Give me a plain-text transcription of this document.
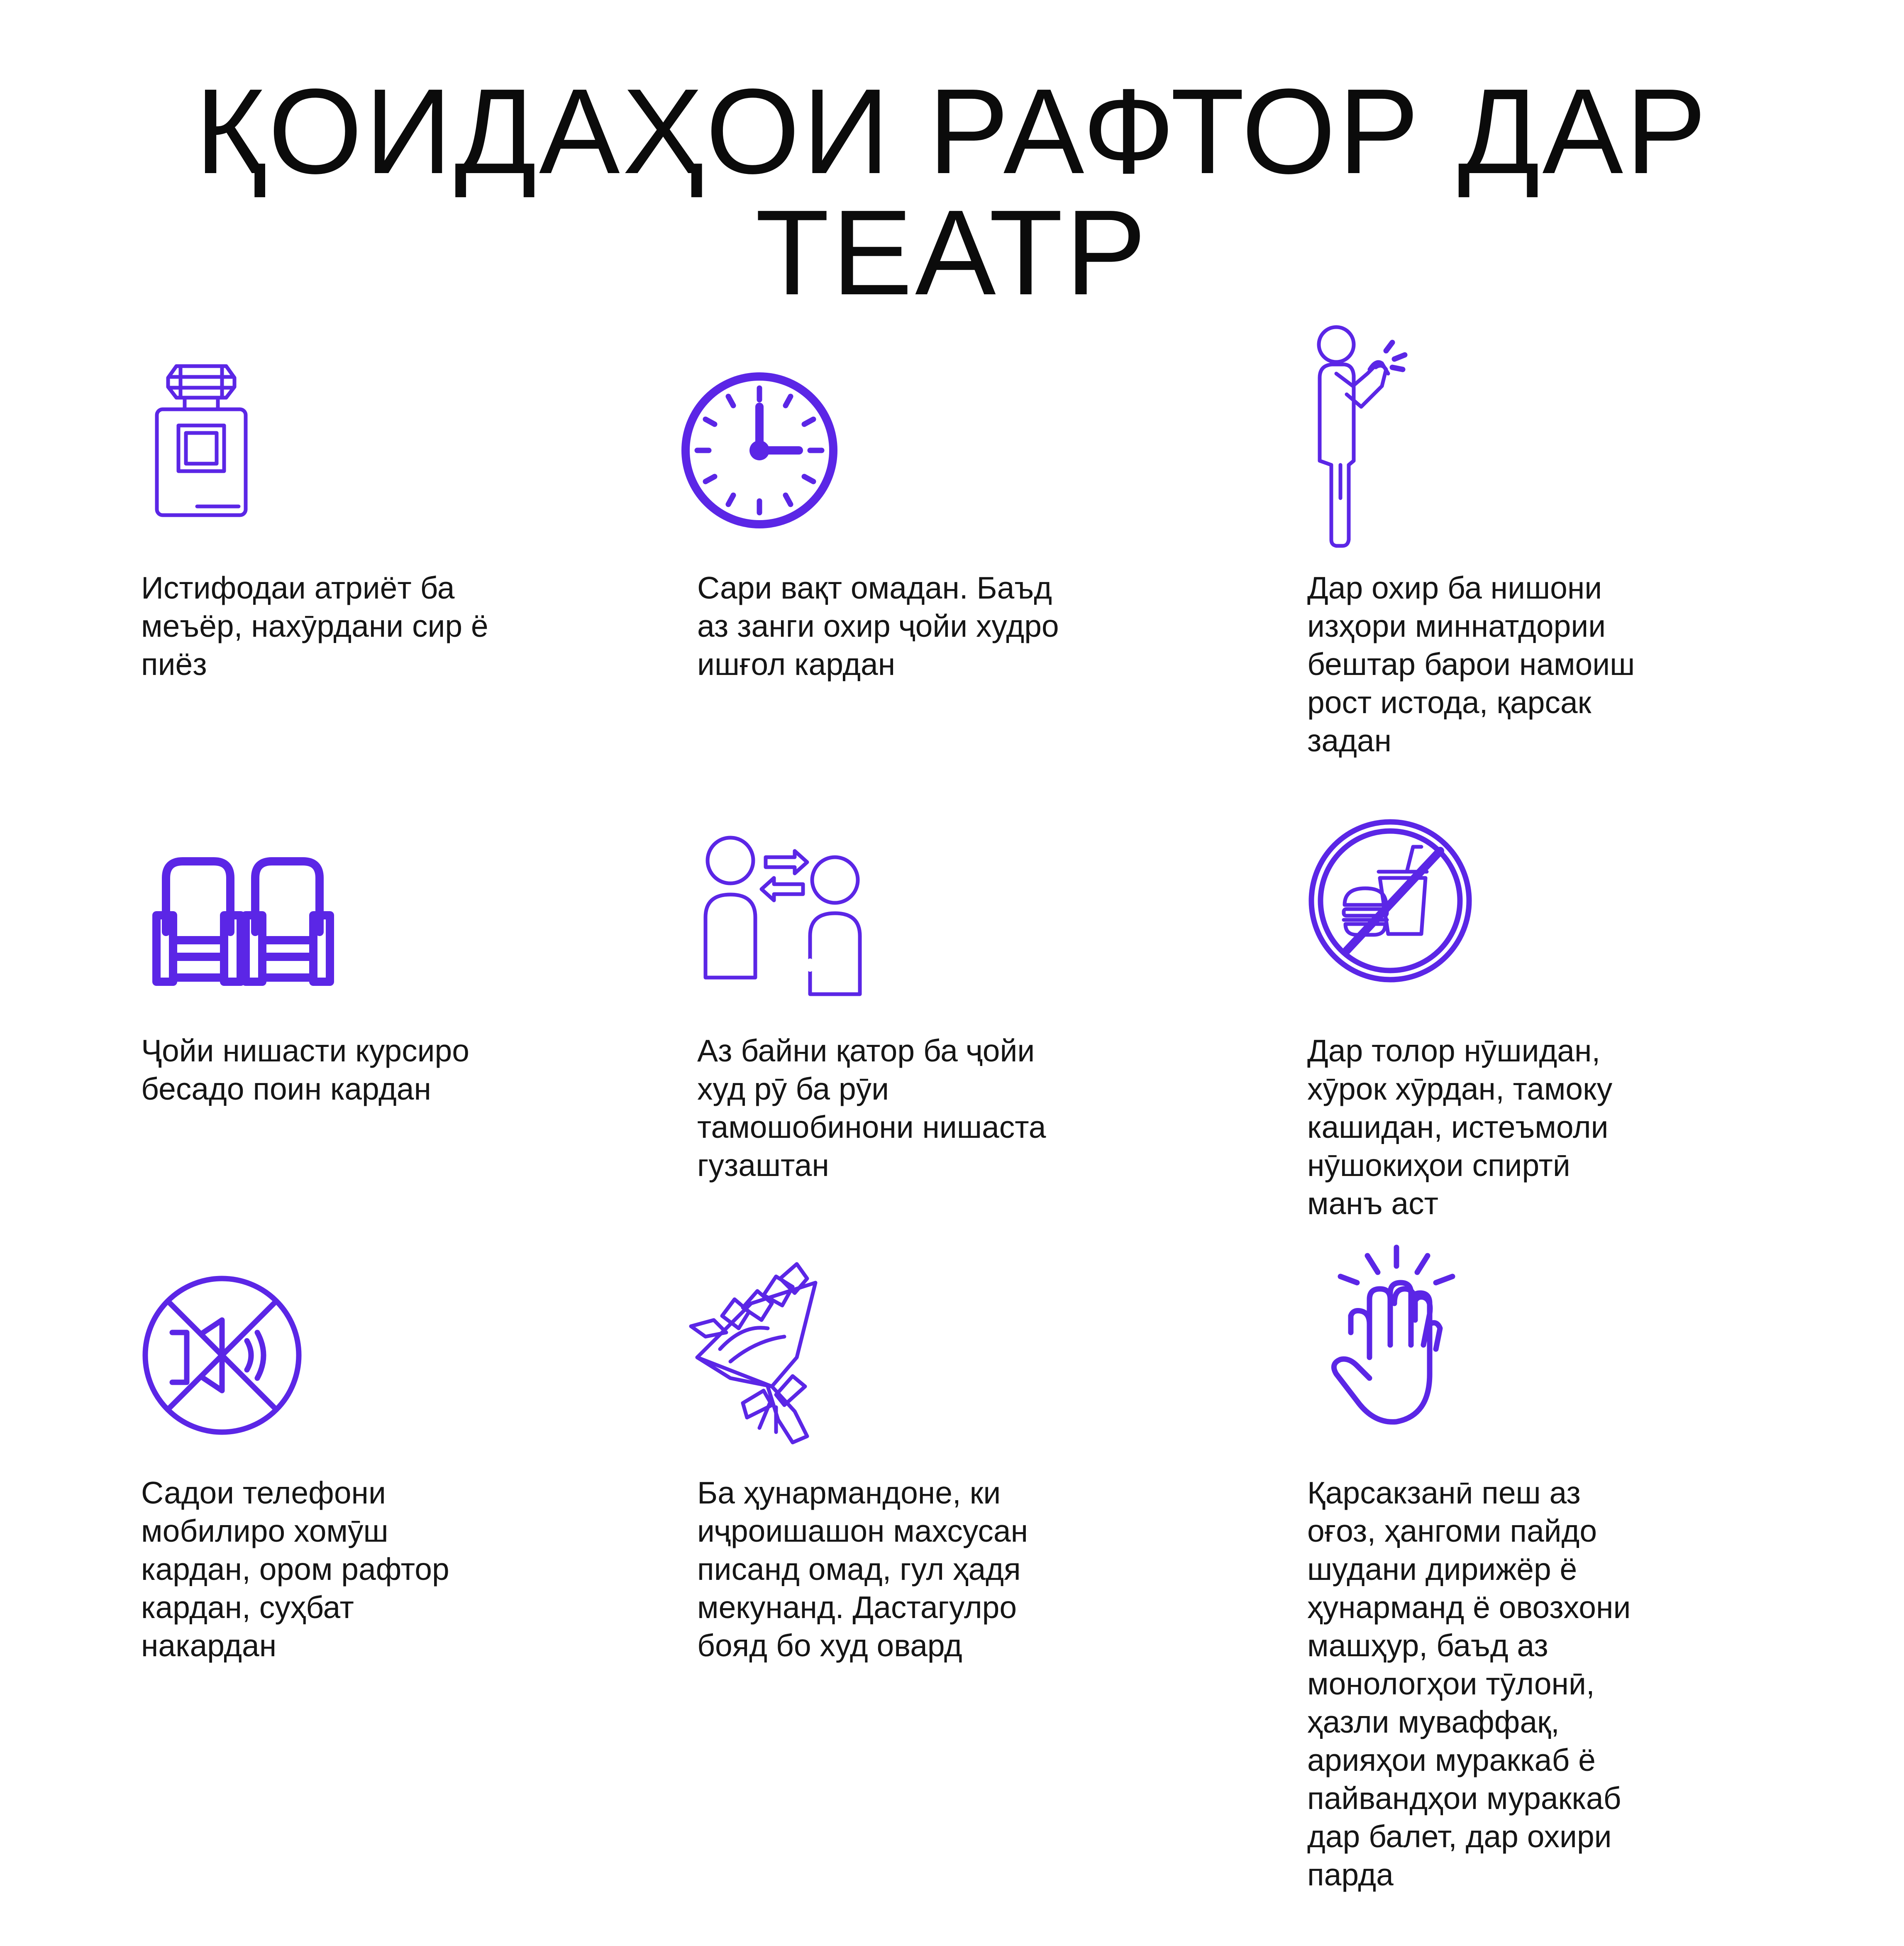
ҚОИДАҲОИ РАФТОР ДАР ТЕАТР

Истифодаи атриёт ба
меъёр, нахӯрдани сир ё
пиёз

Сари вақт омадан. Баъд
аз занги охир ҷойи худро
ишғол кардан

Дар охир ба нишони
изҳори миннатдории
бештар барои намоиш
рост истода, қарсак
задан

Ҷойи нишасти курсиро
бесадо поин кардан

Аз байни қатор ба ҷойи
худ рӯ ба рӯи
тамошобинони нишаста
гузаштан

Дар толор нӯшидан,
хӯрок хӯрдан, тамоку
кашидан, истеъмоли
нӯшокиҳои спиртӣ
манъ аст

Садои телефони
мобилиро хомӯш
кардан, ором рафтор
кардан, суҳбат
накардан

Ба ҳунармандоне, ки
иҷроишашон махсусан
писанд омад, гул ҳадя
мекунанд. Дастагулро
бояд бо худ овард

Қарсакзанӣ пеш аз
оғоз, ҳангоми пайдо
шудани дирижёр ё
ҳунарманд ё овозхони
машҳур, баъд аз
монологҳои тӯлонӣ,
ҳазли муваффақ,
арияҳои мураккаб ё
пайвандҳои мураккаб
дар балет, дар охири
парда
